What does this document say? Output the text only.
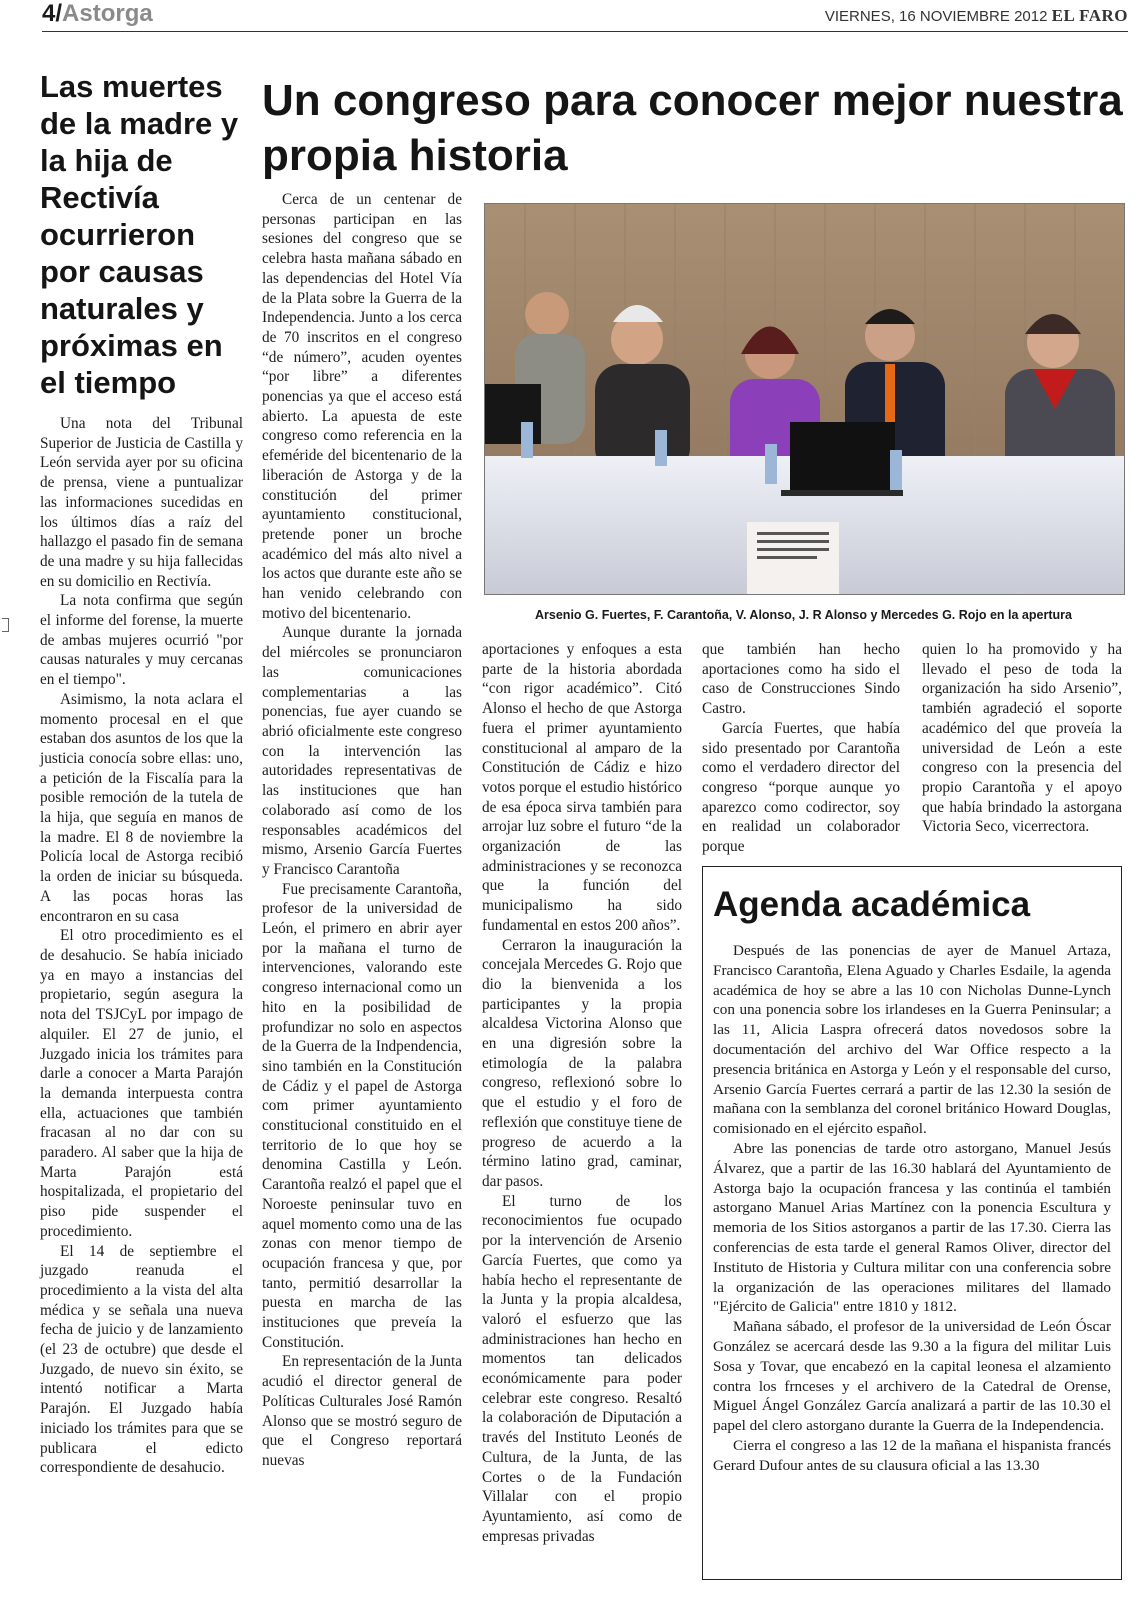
4/Astorga	VIERNES, 16 NOVIEMBRE 2012 EL FARO
Las muertes de la madre y la hija de Rectivía ocurrieron por causas naturales y próximas en el tiempo
Un congreso para conocer mejor nuestra propia historia

Una nota del Tribunal Superior de Justicia de Castilla y León servida ayer por su oficina de prensa, viene a puntualizar las informaciones sucedidas en los últimos días a raíz del hallazgo el pasado fin de semana de una madre y su hija fallecidas en su domicilio en Rectivía.

La nota confirma que según el informe del forense, la muerte de ambas mujeres ocurrió "por causas naturales y muy cercanas en el tiempo".

Asimismo, la nota aclara el momento procesal en el que estaban dos asuntos de los que la justicia conocía sobre ellas: uno, a petición de la Fiscalía para la posible remoción de la tutela de la hija, que seguía en manos de la madre. El 8 de noviembre la Policía local de Astorga recibió la orden de iniciar su búsqueda. A las pocas horas las encontraron en su casa

El otro procedimiento es el de desahucio. Se había iniciado ya en mayo a instancias del propietario, según asegura la nota del TSJCyL por impago de alquiler. El 27 de junio, el Juzgado inicia los trámites para darle a conocer a Marta Parajón la demanda interpuesta contra ella, actuaciones que también fracasan al no dar con su paradero. Al saber que la hija de Marta Parajón está hospitalizada, el propietario del piso pide suspender el procedimiento.

El 14 de septiembre el juzgado reanuda el procedimiento a la vista del alta médica y se señala una nueva fecha de juicio y de lanzamiento (el 23 de octubre) que desde el Juzgado, de nuevo sin éxito, se intentó notificar a Marta Parajón. El Juzgado había iniciado los trámites para que se publicara el edicto correspondiente de desahucio.

Cerca de un centenar de personas participan en las sesiones del congreso que se celebra hasta mañana sábado en las dependencias del Hotel Vía de la Plata sobre la Guerra de la Independencia. Junto a los cerca de 70 inscritos en el congreso “de número”, acuden oyentes “por libre” a diferentes ponencias ya que el acceso está abierto. La apuesta de este congreso como referencia en la efeméride del bicentenario de la liberación de Astorga y de la constitución del primer ayuntamiento constitucional, pretende poner un broche académico del más alto nivel a los actos que durante este año se han venido celebrando con motivo del bicentenario.

Aunque durante la jornada del miércoles se pronunciaron las comunicaciones complementarias a las ponencias, fue ayer cuando se abrió oficialmente este congreso con la intervención las autoridades representativas de las instituciones que han colaborado así como de los responsables académicos del mismo, Arsenio García Fuertes y Francisco Carantoña

Fue precisamente Carantoña, profesor de la universidad de León, el primero en abrir ayer por la mañana el turno de intervenciones, valorando este congreso internacional como un hito en la posibilidad de profundizar no solo en aspectos de la Guerra de la Indpendencia, sino también en la Constitución de Cádiz y el papel de Astorga com primer ayuntamiento constitucional constituido en el territorio de lo que hoy se denomina Castilla y León. Carantoña realzó el papel que el Noroeste peninsular tuvo en aquel momento como una de las zonas con menor tiempo de ocupación francesa y que, por tanto, permitió desarrollar la puesta en marcha de las instituciones que preveía la Constitución.

En representación de la Junta acudió el director general de Políticas Culturales José Ramón Alonso que se mostró seguro de que el Congreso reportará nuevas

Arsenio G. Fuertes, F. Carantoña, V. Alonso, J. R Alonso y Mercedes G. Rojo en la apertura

aportaciones y enfoques a esta parte de la historia abordada “con rigor académico”. Citó Alonso el hecho de que Astorga fuera el primer ayuntamiento constitucional al amparo de la Constitución de Cádiz e hizo votos porque el estudio histórico de esa época sirva también para arrojar luz sobre el futuro “de la organización de las administraciones y se reconozca que la función del municipalismo ha sido fundamental en estos 200 años”.

Cerraron la inauguración la concejala Mercedes G. Rojo que dio la bienvenida a los participantes y la propia alcaldesa Victorina Alonso que en una digresión sobre la etimología de la palabra congreso, reflexionó sobre lo que el estudio y el foro de reflexión que constituye tiene de progreso de acuerdo a la término latino grad, caminar, dar pasos.

El turno de los reconocimientos fue ocupado por la intervención de Arsenio García Fuertes, que como ya había hecho el representante de la Junta y la propia alcaldesa, valoró el esfuerzo que las administraciones han hecho en momentos tan delicados económicamente para poder celebrar este congreso. Resaltó la colaboración de Diputación a través del Instituto Leonés de Cultura, de la Junta, de las Cortes o de la Fundación Villalar con el propio Ayuntamiento, así como de empresas privadas

que también han hecho aportaciones como ha sido el caso de Construcciones Sindo Castro.

García Fuertes, que había sido presentado por Carantoña como el verdadero director del congreso “porque aunque yo aparezco como codirector, soy en realidad un colaborador porque

quien lo ha promovido y ha llevado el peso de toda la organización ha sido Arsenio”, también agradeció el soporte académico del que proveía la universidad de León a este congreso con la presencia del propio Carantoña y el apoyo que había brindado la astorgana Victoria Seco, vicerrectora.

Agenda académica

Después de las ponencias de ayer de Manuel Artaza, Francisco Carantoña, Elena Aguado y Charles Esdaile, la agenda académica de hoy se abre a las 10 con Nicholas Dunne-Lynch con una ponencia sobre los irlandeses en la Guerra Peninsular; a las 11, Alicia Laspra ofrecerá datos novedosos sobre la documentación del archivo del War Office respecto a la presencia británica en Astorga y León y el responsable del curso, Arsenio García Fuertes cerrará a partir de las 12.30 la sesión de mañana con la semblanza del coronel británico Howard Douglas, comisionado en el ejército español.

Abre las ponencias de tarde otro astorgano, Manuel Jesús Álvarez, que a partir de las 16.30 hablará del Ayuntamiento de Astorga bajo la ocupación francesa y las continúa el también astorgano Manuel Arias Martínez con la ponencia Escultura y memoria de los Sitios astorganos a partir de las 17.30. Cierra las conferencias de esta tarde el general Ramos Oliver, director del Instituto de Historia y Cultura militar con una conferencia sobre la organización de las operaciones militares del llamado "Ejército de Galicia" entre 1810 y 1812.

Mañana sábado, el profesor de la universidad de León Óscar González se acercará desde las 9.30 a la figura del militar Luis Sosa y Tovar, que encabezó en la capital leonesa el alzamiento contra los frnceses y el archivero de la Catedral de Orense, Miguel Ángel González García analizará a partir de las 10.30 el papel del clero astorgano durante la Guerra de la Independencia.

Cierra el congreso a las 12 de la mañana el hispanista francés Gerard Dufour antes de su clausura oficial a las 13.30
